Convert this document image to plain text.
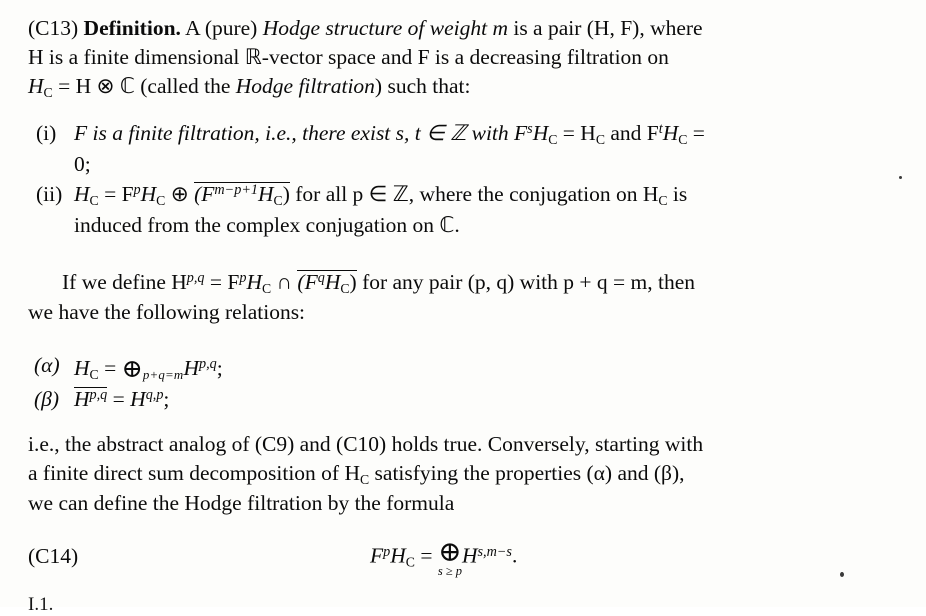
(C13) Definition. A (pure) Hodge structure of weight m is a pair (H, F), where
H is a finite dimensional ℝ-vector space and F is a decreasing filtration on
$H_C = H$ ⊗ ℂ (called the Hodge filtration) such that:
(i) F is a finite filtration, i.e., there exist s, t ∈ ℤ with $F^sH_C = H_C$ and $F^tH_C$ =
0;
(ii) $H_C = F^pH_C$ ⊕ $(F^{m-p+1}H_C)$ for all p ∈ ℤ, where the conjugation on $H_C$ is
induced from the complex conjugation on ℂ.
If we define $H^{p,q} = F^pH_C$ ∩ $(F^qH_C)$ for any pair (p, q) with p + q = m, then
we have the following relations:
(α) $H_C$ = ⊕p+q=mH$^{p,q}$;
(β) H$^{p,q}$ = H$^{q,p}$;
i.e., the abstract analog of (C9) and (C10) holds true. Conversely, starting with
a finite direct sum decomposition of $H_C$ satisfying the properties (α) and (β),
we can define the Hodge filtration by the formula
(C14)	$F^pH_C$ = ⊕
s ≥ p
$H^{s,m-s}$.
I.1.
